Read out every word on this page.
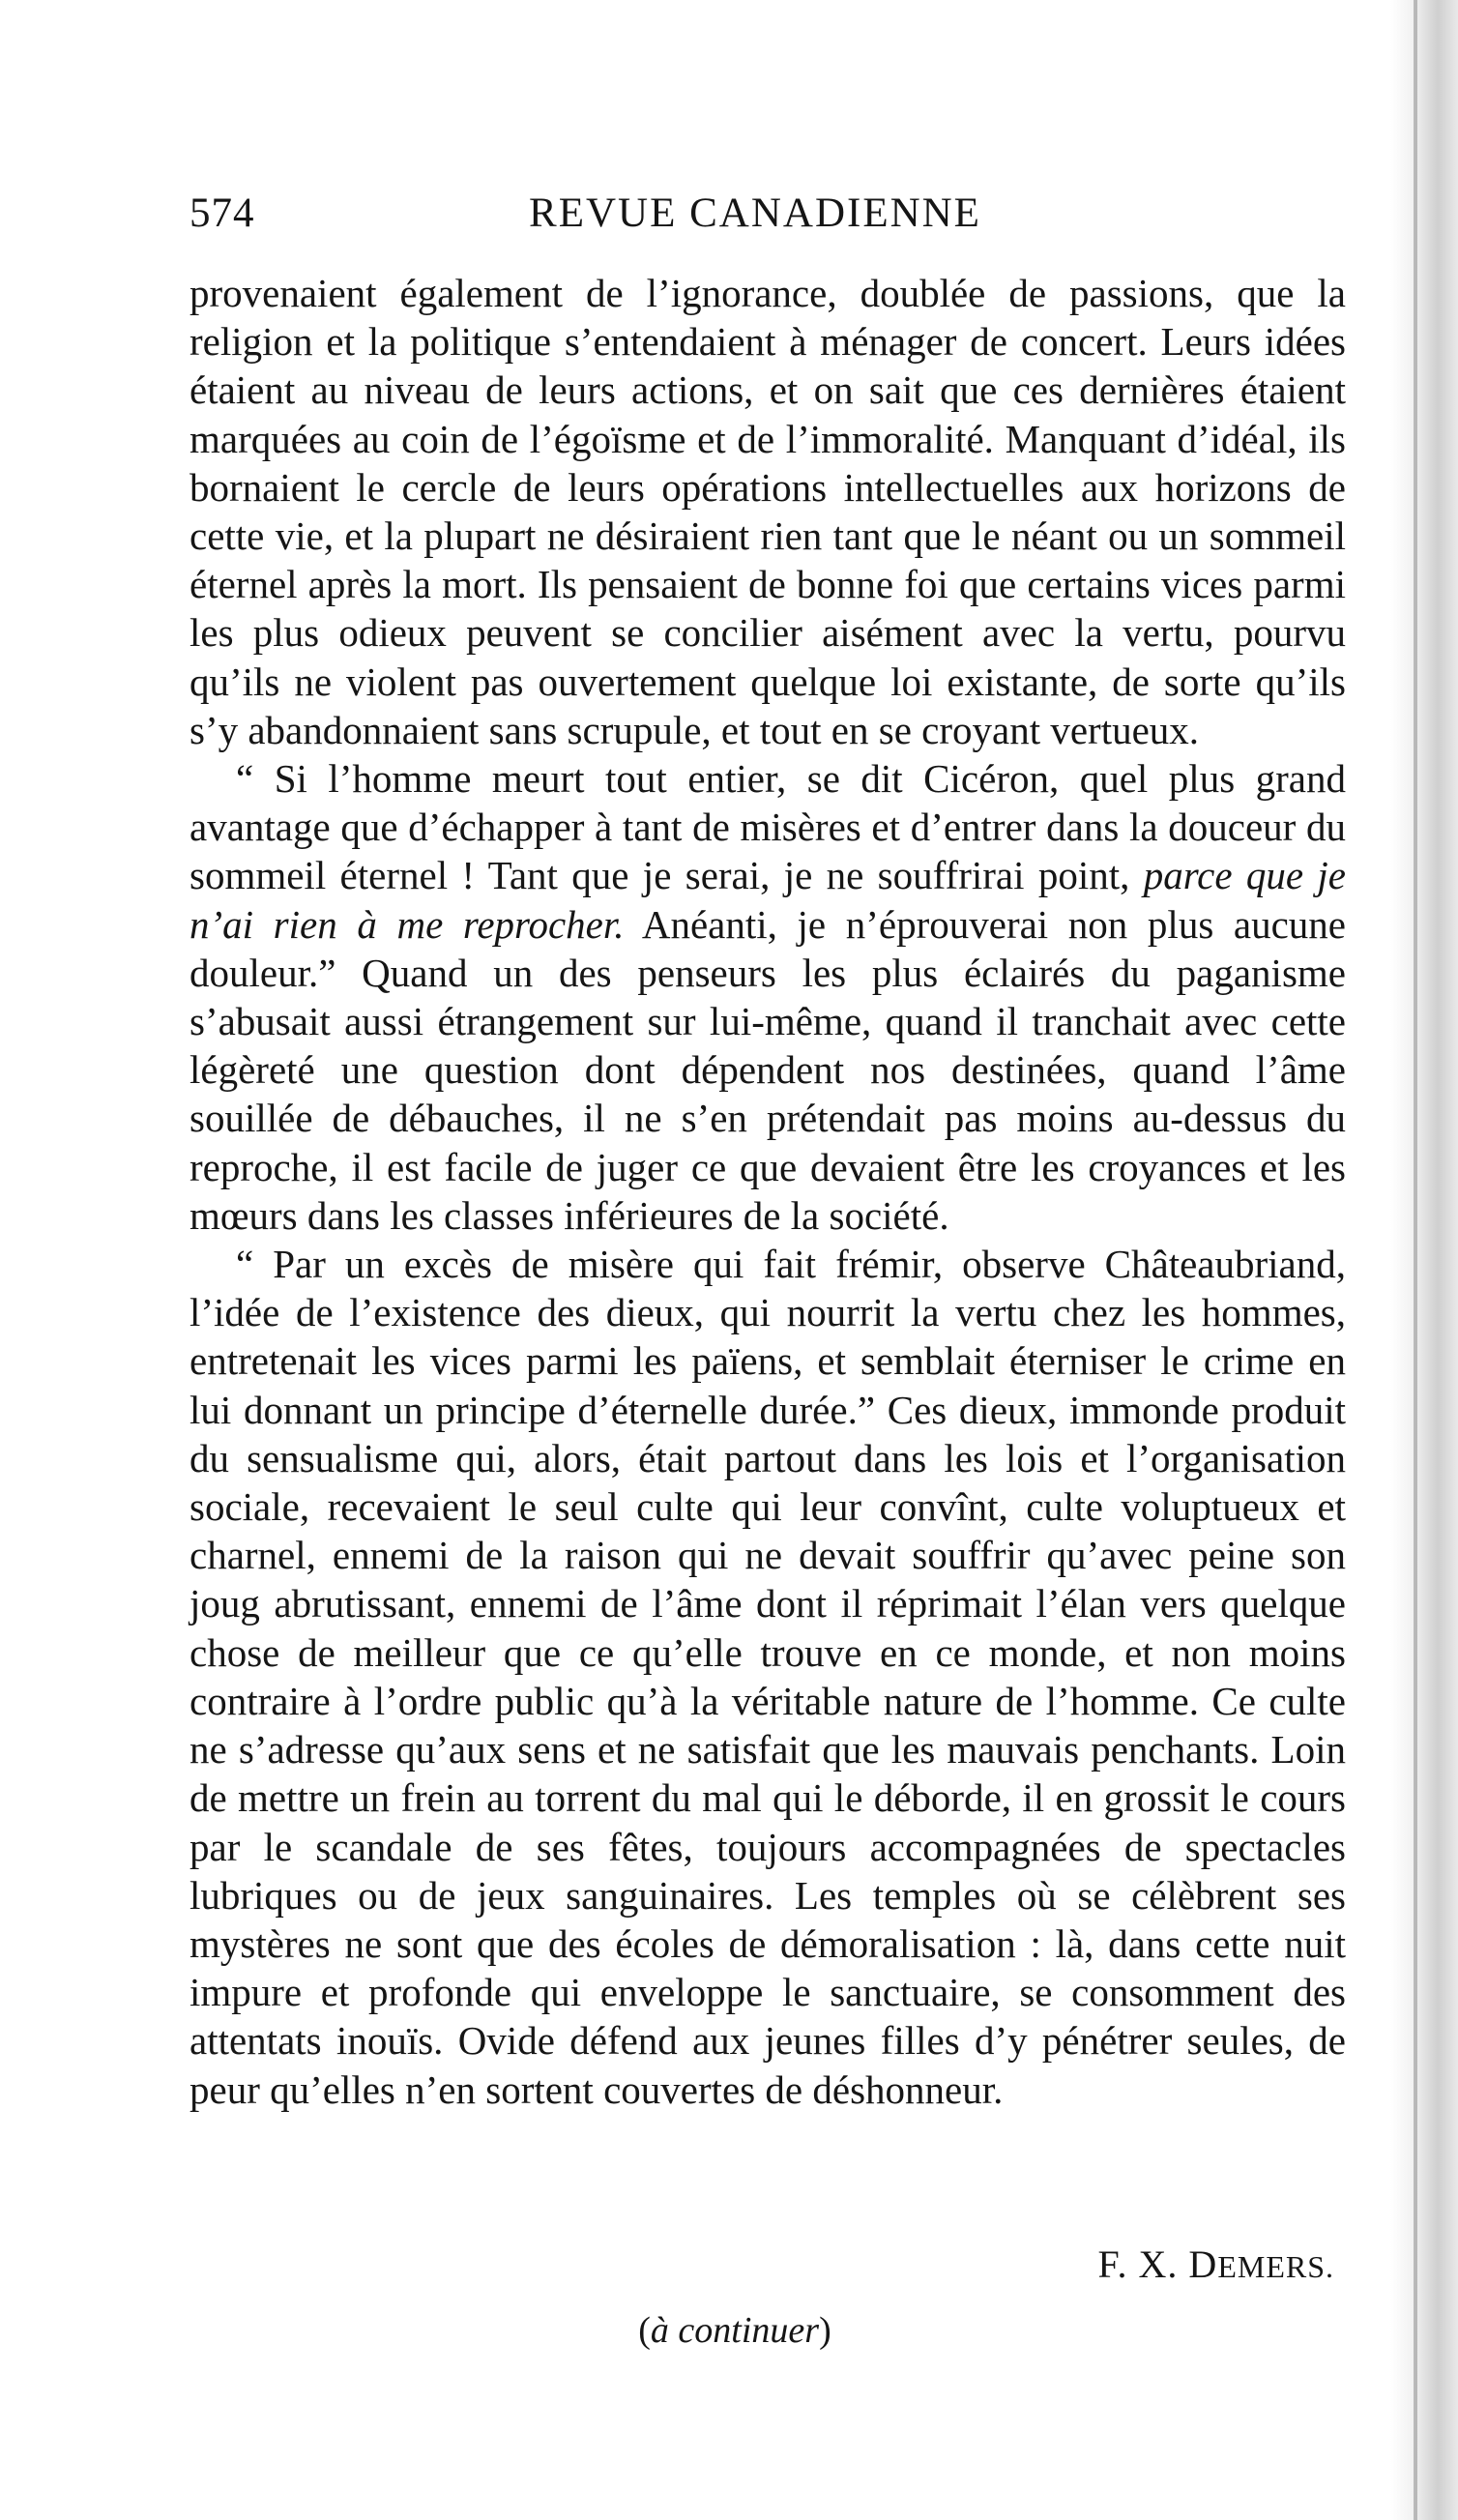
574	REVUE CANADIENNE

provenaient également de l’ignorance, doublée de passions, que la religion et la politique s’entendaient à ménager de concert. Leurs idées étaient au niveau de leurs actions, et on sait que ces dernières étaient marquées au coin de l’égoïsme et de l’immoralité. Manquant d’idéal, ils bornaient le cercle de leurs opérations intellectuelles aux horizons de cette vie, et la plupart ne désiraient rien tant que le néant ou un sommeil éternel après la mort. Ils pensaient de bonne foi que certains vices parmi les plus odieux peuvent se concilier aisément avec la vertu, pourvu qu’ils ne violent pas ouvertement quelque loi existante, de sorte qu’ils s’y abandonnaient sans scrupule, et tout en se croyant vertueux.

“ Si l’homme meurt tout entier, se dit Cicéron, quel plus grand avantage que d’échapper à tant de misères et d’entrer dans la douceur du sommeil éternel ! Tant que je serai, je ne souffrirai point, parce que je n’ai rien à me reprocher. Anéanti, je n’éprouverai non plus aucune douleur.” Quand un des penseurs les plus éclairés du paganisme s’abusait aussi étrangement sur lui-même, quand il tranchait avec cette légèreté une question dont dépendent nos destinées, quand l’âme souillée de débauches, il ne s’en prétendait pas moins au-dessus du reproche, il est facile de juger ce que devaient être les croyances et les mœurs dans les classes inférieures de la société.

“ Par un excès de misère qui fait frémir, observe Châteaubriand, l’idée de l’existence des dieux, qui nourrit la vertu chez les hommes, entretenait les vices parmi les païens, et semblait éterniser le crime en lui donnant un principe d’éternelle durée.” Ces dieux, immonde produit du sensualisme qui, alors, était partout dans les lois et l’organisation sociale, recevaient le seul culte qui leur convînt, culte voluptueux et charnel, ennemi de la raison qui ne devait souffrir qu’avec peine son joug abrutissant, ennemi de l’âme dont il réprimait l’élan vers quelque chose de meilleur que ce qu’elle trouve en ce monde, et non moins contraire à l’ordre public qu’à la véritable nature de l’homme. Ce culte ne s’adresse qu’aux sens et ne satisfait que les mauvais penchants. Loin de mettre un frein au torrent du mal qui le déborde, il en grossit le cours par le scandale de ses fêtes, toujours accompagnées de spectacles lubriques ou de jeux sanguinaires. Les temples où se célèbrent ses mystères ne sont que des écoles de démoralisation : là, dans cette nuit impure et profonde qui enveloppe le sanctuaire, se consomment des attentats inouïs. Ovide défend aux jeunes filles d’y pénétrer seules, de peur qu’elles n’en sortent couvertes de déshonneur.

F. X. DEMERS.
(à continuer)
